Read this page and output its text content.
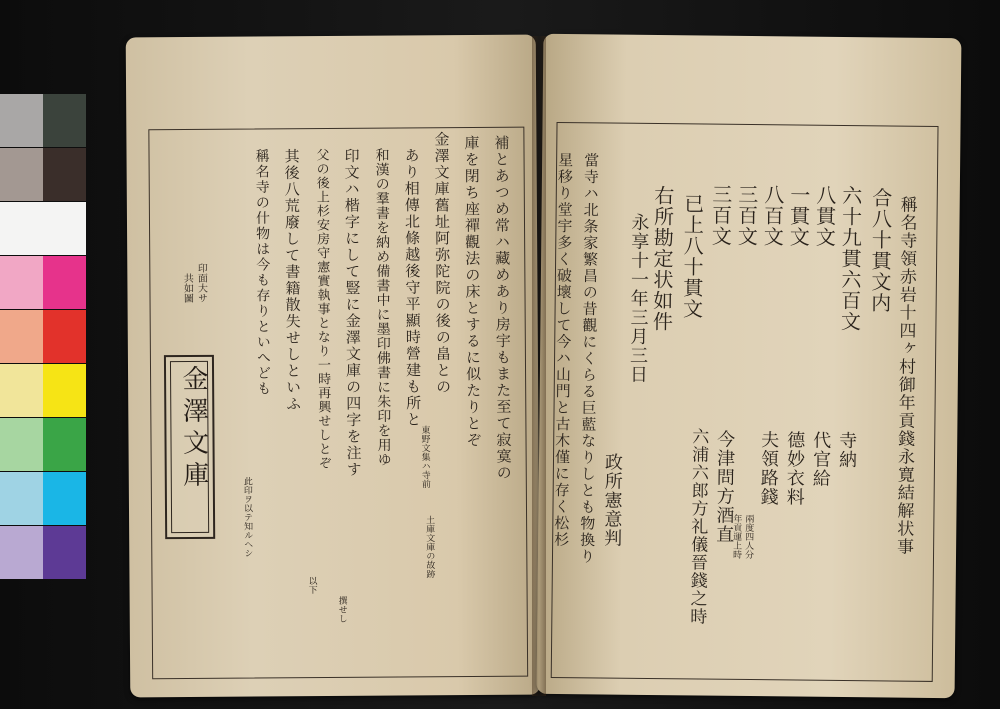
印面大サ
共如圖
金澤文庫	補とあつめ常ハ藏めあり房宇もまた至て寂寞の
庫を閉ち座禪觀法の床とするに似たりとぞ
金澤文庫舊址阿弥陀院の後の畠との
あり相傳北條越後守平顯時營建も所と
和漢の羣書を納め備書中に墨印佛書に朱印を用ゆ
印文ハ楷字にして豎に金澤文庫の四字を注す
父の後上杉安房守憲實執事となり一時再興せしとぞ
其後八荒廢して書籍散失せしといふ
稱名寺の什物は今も存りといへども
土庫文庫の故跡
東野文集ハ寺前
撰せし
以下
此印ヲ以テ知ルヘシ	稱名寺領赤岩十四ヶ村御年貢錢永寛結解状事
合八十貫文内
六十九貫六百文
八貫文
一貫文
八百文
三百文
三百文
已上八十貫文
右所勘定状如件
永享十一年三月三日
寺納
代官給
德妙衣料
夫領路錢
兩度四人分
年貢運上時
今津問方酒直
六浦六郎方礼儀晉錢之時
政所憲意判
當寺ハ北条家繁昌の昔觀にくらる巨藍なりしとも物換り
星移り堂宇多く破壞して今ハ山門と古木僅に存く松杉
